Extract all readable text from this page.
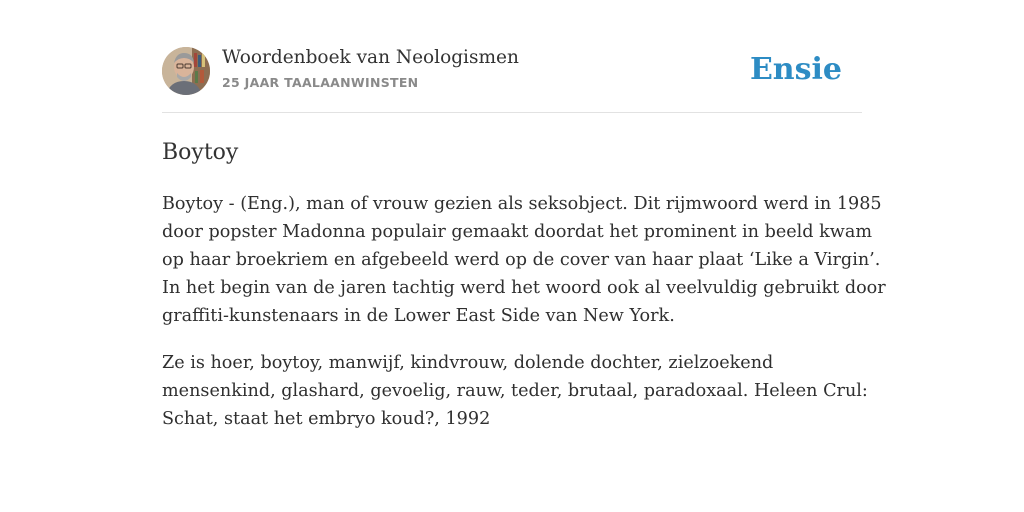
Woordenboek van Neologismen
25 JAAR TAALAANWINSTEN	Ensie
Boytoy
Boytoy - (Eng.), man of vrouw gezien als seksobject. Dit rijmwoord werd in 1985
door popster Madonna populair gemaakt doordat het prominent in beeld kwam
op haar broekriem en afgebeeld werd op de cover van haar plaat ‘Like a Virgin’.
In het begin van de jaren tachtig werd het woord ook al veelvuldig gebruikt door
graffiti-kunstenaars in de Lower East Side van New York.
Ze is hoer, boytoy, manwijf, kindvrouw, dolende dochter, zielzoekend
mensenkind, glashard, gevoelig, rauw, teder, brutaal, paradoxaal. Heleen Crul:
Schat, staat het embryo koud?, 1992
